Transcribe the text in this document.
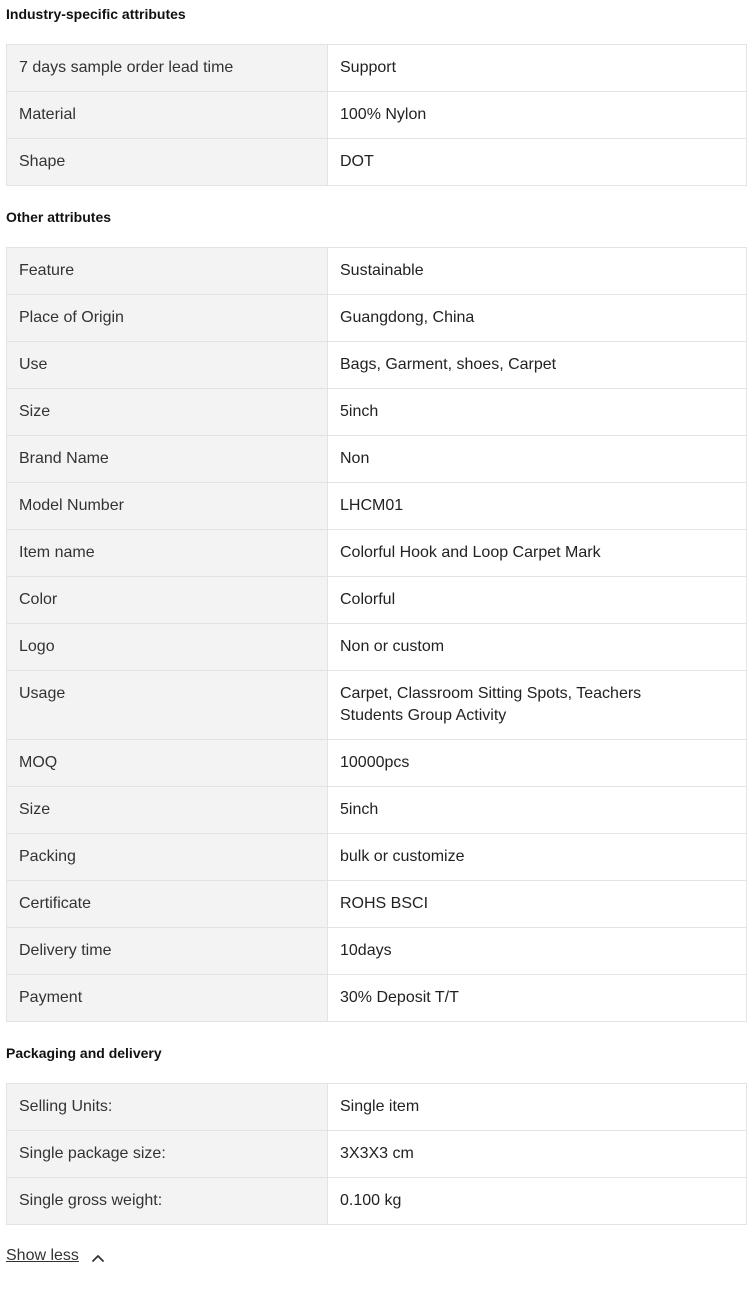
Industry-specific attributes
7 days sample order lead time	Support
Material	100% Nylon
Shape	DOT
Other attributes
Feature	Sustainable
Place of Origin	Guangdong, China
Use	Bags, Garment, shoes, Carpet
Size	5inch
Brand Name	Non
Model Number	LHCM01
Item name	Colorful Hook and Loop Carpet Mark
Color	Colorful
Logo	Non or custom
Usage	Carpet, Classroom Sitting Spots, Teachers Students Group Activity
MOQ	10000pcs
Size	5inch
Packing	bulk or customize
Certificate	ROHS BSCI
Delivery time	10days
Payment	30% Deposit T/T
Packaging and delivery
Selling Units:	Single item
Single package size:	3X3X3 cm
Single gross weight:	0.100 kg
Show less
